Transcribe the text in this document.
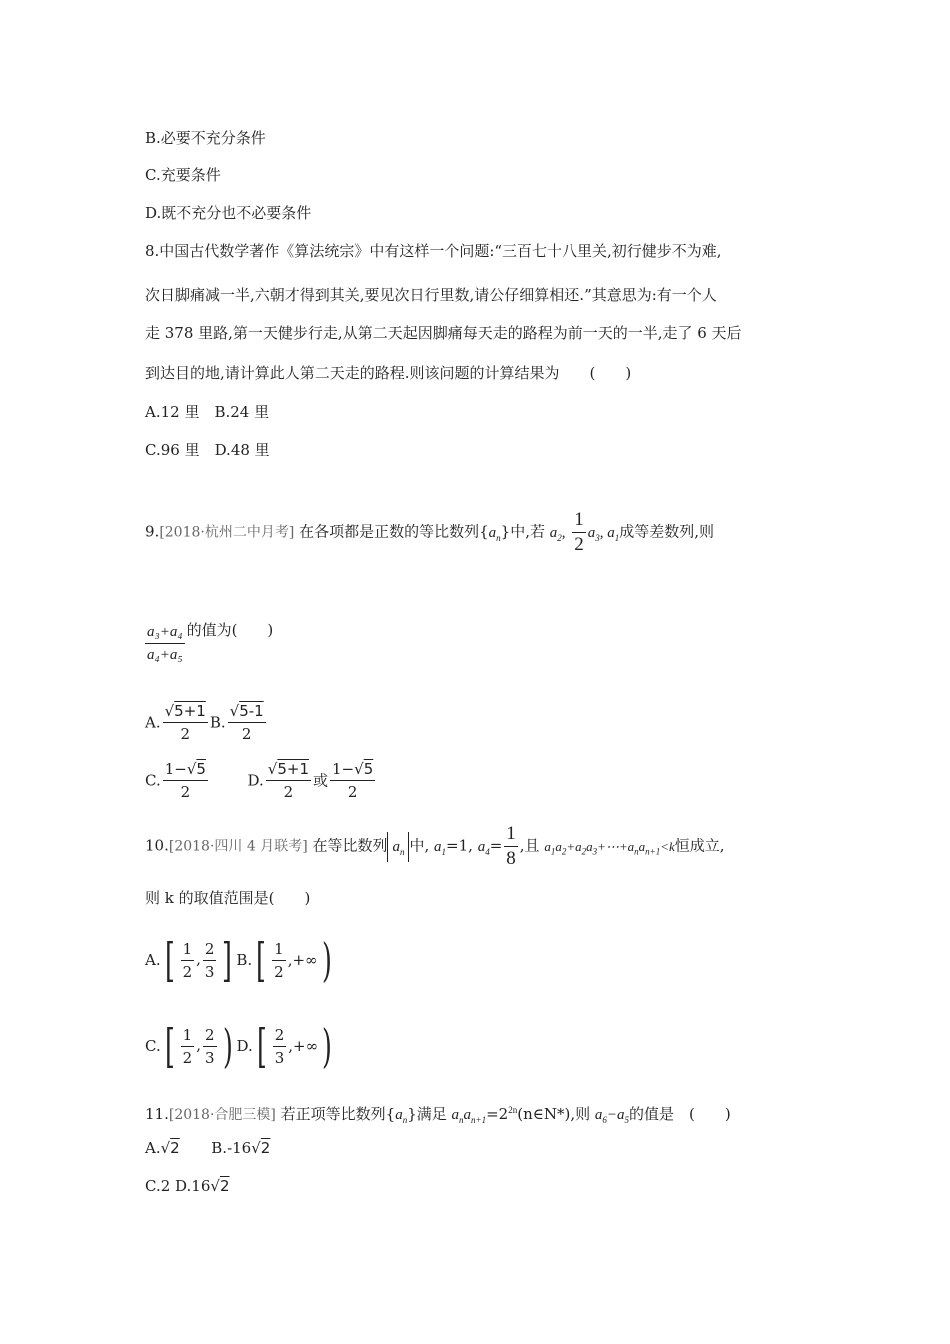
B.必要不充分条件
C.充要条件
D.既不充分也不必要条件
8.中国古代数学著作《算法统宗》中有这样一个问题:“三百七十八里关,初行健步不为难,
次日脚痛减一半,六朝才得到其关,要见次日行里数,请公仔细算相还.”其意思为:有一个人
走 378 里路,第一天健步行走,从第二天起因脚痛每天走的路程为前一天的一半,走了 6 天后
到达目的地,请计算此人第二天走的路程.则该问题的计算结果为　　(　　)
A.12 里　B.24 里
C.96 里　D.48 里
9.[2018·杭州二中月考] 在各项都是正数的等比数列$\{a_n\}$中,若 $a_2$, $\frac{1}{2} a_3$, $a_1$成等差数列,则
$\frac{\text{a₃+a₄}}{\text{a₄+a₅}}$ 的值为(　　)
A. $\frac{√5+1}{2} B$. $\frac{√5-1}{2}$
C. $\frac{1-√5}{2}$	D. $\frac{√5+1}{2}$ 或 $\frac{1-√5}{2}$
10.[2018·四川 4 月联考] 在等比数列 $a_n$ 中, $a_1=1$, $a_4= \frac{1}{8}$ ,且 $a_1a_2+a_2a_3+\cdots+a_na_{n+1}<k$恒成立,
则 k 的取值范围是(　　)
$A.[ \frac{1}{2}$ , $\frac{2}{3}$ ] $B.[ \frac{1}{2}$ ,+∞)
$C.[ \frac{1}{2}$ , $\frac{2}{3}$ ) $D.[ \frac{2}{3}$ ,+∞)
11.[2018·合肥三模] 若正项等比数列$\{a_n\}$满足 $a_na_{n+1}=2^{2n}(n\in N*)$,则 $a_6-a_5$的值是　(　　)
A.√2 B.-16√2
C.2 D.16√2
